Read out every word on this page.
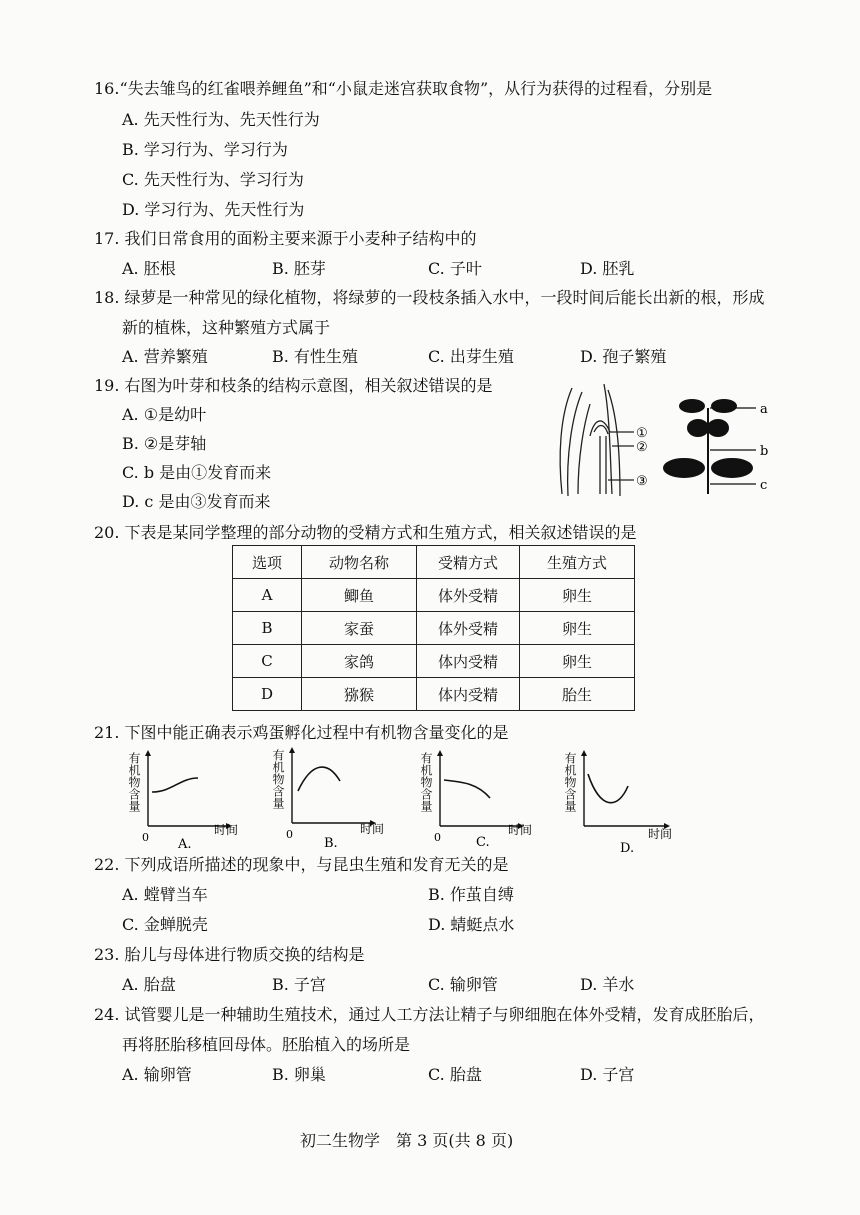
16.“失去雏鸟的红雀喂养鲤鱼”和“小鼠走迷宫获取食物”，从行为获得的过程看，分别是
A. 先天性行为、先天性行为
B. 学习行为、学习行为
C. 先天性行为、学习行为
D. 学习行为、先天性行为
17. 我们日常食用的面粉主要来源于小麦种子结构中的
A. 胚根	B. 胚芽	C. 子叶	D. 胚乳
18. 绿萝是一种常见的绿化植物，将绿萝的一段枝条插入水中，一段时间后能长出新的根，形成
新的植株，这种繁殖方式属于
A. 营养繁殖	B. 有性生殖	C. 出芽生殖	D. 孢子繁殖
19. 右图为叶芽和枝条的结构示意图，相关叙述错误的是
A. ①是幼叶
B. ②是芽轴
C. b 是由①发育而来
D. c 是由③发育而来
①
②
③
a
b
c
20. 下表是某同学整理的部分动物的受精方式和生殖方式，相关叙述错误的是
选项	动物名称	受精方式	生殖方式
A	鲫鱼	体外受精	卵生
B	家蚕	体外受精	卵生
C	家鸽	体内受精	卵生
D	猕猴	体内受精	胎生
21. 下图中能正确表示鸡蛋孵化过程中有机物含量变化的是
0
时间
A.
有机物含量
0	时间
B.
有机物含量
0
时间
C.
有机物含量
时间
D.
有机物含量
22. 下列成语所描述的现象中，与昆虫生殖和发育无关的是
A. 螳臂当车	B. 作茧自缚
C. 金蝉脱壳	D. 蜻蜓点水
23. 胎儿与母体进行物质交换的结构是
A. 胎盘	B. 子宫	C. 输卵管	D. 羊水
24. 试管婴儿是一种辅助生殖技术，通过人工方法让精子与卵细胞在体外受精，发育成胚胎后，
再将胚胎移植回母体。胚胎植入的场所是
A. 输卵管	B. 卵巢	C. 胎盘	D. 子宫
初二生物学　第 3 页(共 8 页)
